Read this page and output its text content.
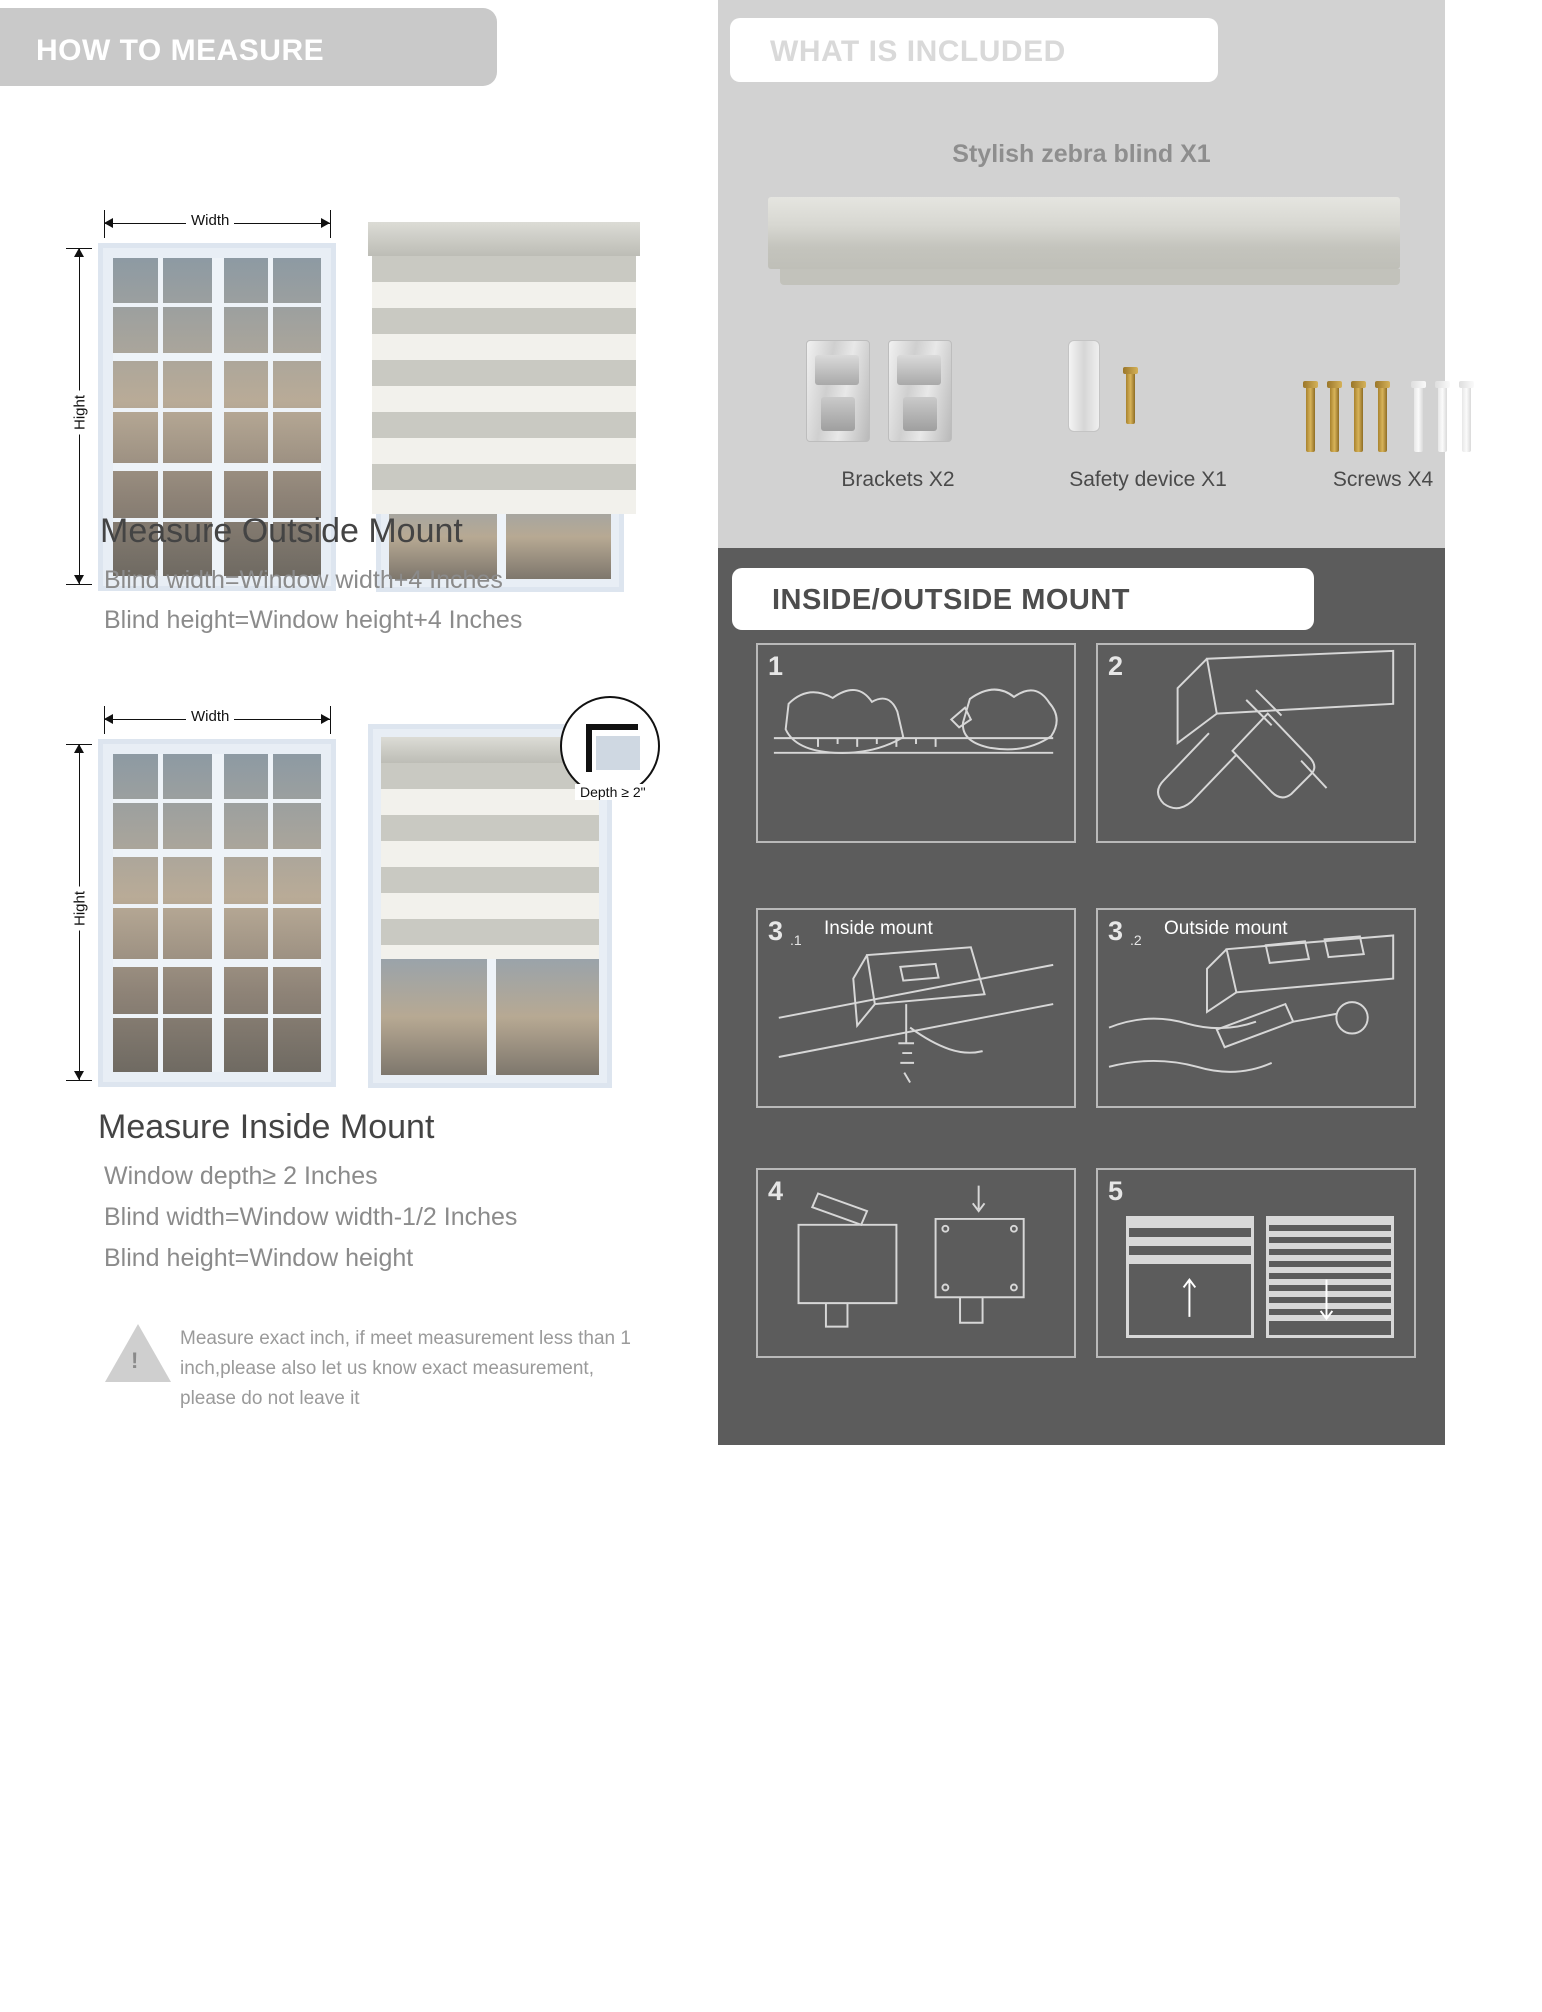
HOW TO MEASURE
Width
Hight
Measure Outside Mount
Blind width=Window width+4 Inches
Blind height=Window height+4 Inches
Width
Hight
Depth ≥ 2"
Measure Inside Mount
Window depth≥ 2 Inches
Blind width=Window width-1/2 Inches
Blind height=Window height
!
Measure exact inch, if meet measurement less than 1 inch,please also let us know exact measurement, please do not leave it
WHAT IS INCLUDED
Stylish zebra blind X1
Brackets X2	Safety device X1	Screws X4
INSIDE/OUTSIDE MOUNT
1	2
Punch at marked position
3 .1
Inside mount
Drill holes & Inside bracket
3 .2
Outside mount
Drill holes & Inside bracket
4
Install the blind
5
Finish
